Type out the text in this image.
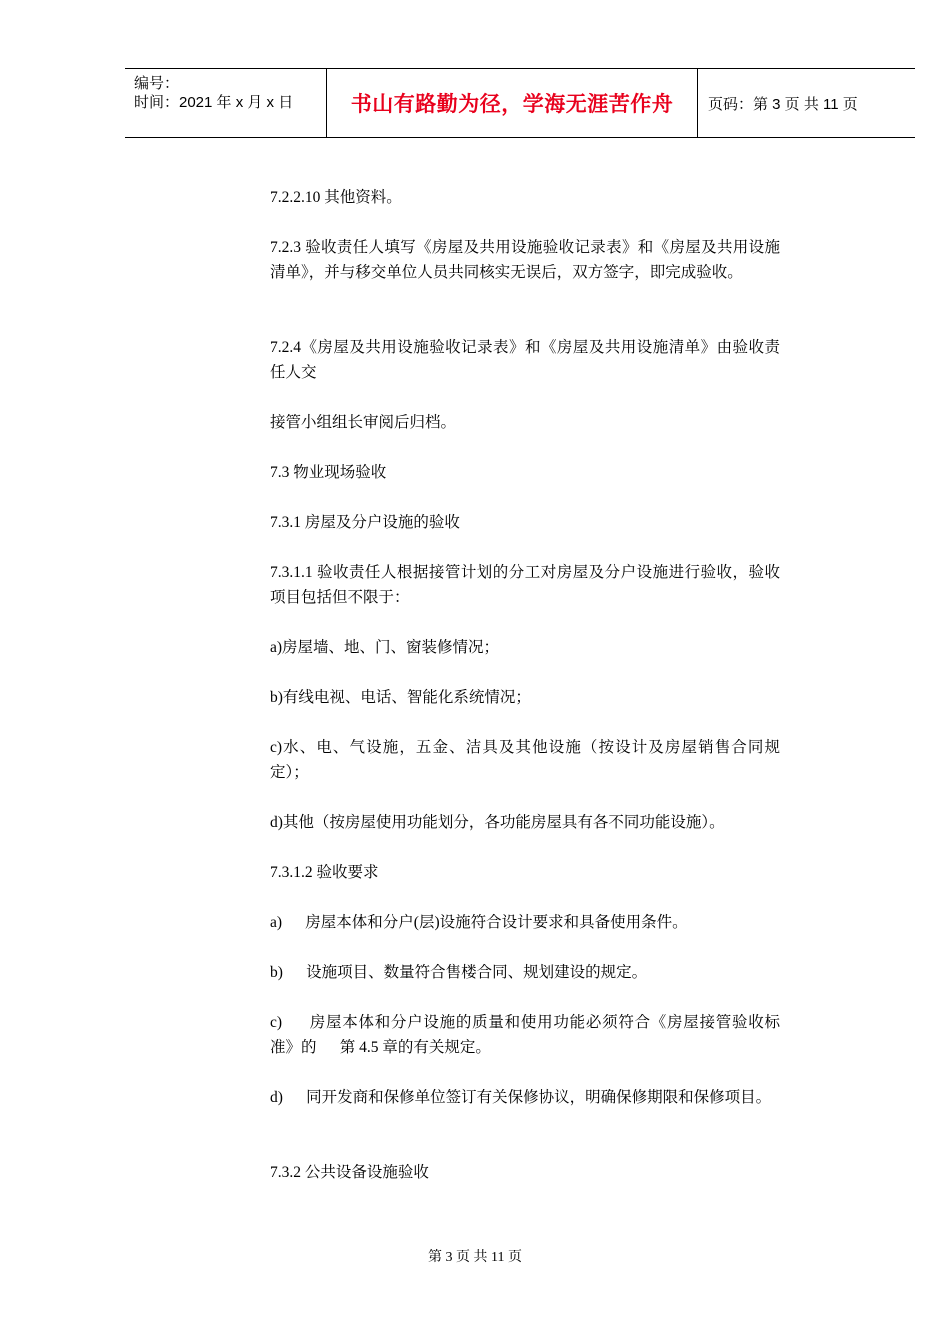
编号：
时间：2021 年 x 月 x 日	书山有路勤为径，学海无涯苦作舟 页码：第 3 页 共 11 页

7.2.2.10 其他资料。

7.2.3 验收责任人填写《房屋及共用设施验收记录表》和《房屋及共用设施清单》，并与移交单位人员共同核实无误后，双方签字，即完成验收。

7.2.4《房屋及共用设施验收记录表》和《房屋及共用设施清单》由验收责任人交

接管小组组长审阅后归档。

7.3 物业现场验收

7.3.1 房屋及分户设施的验收

7.3.1.1 验收责任人根据接管计划的分工对房屋及分户设施进行验收，验收项目包括但不限于：

a)房屋墙、地、门、窗装修情况；

b)有线电视、电话、智能化系统情况；

c)水、电、气设施，五金、洁具及其他设施（按设计及房屋销售合同规 定）；

d)其他（按房屋使用功能划分，各功能房屋具有各不同功能设施）。

7.3.1.2 验收要求

a)      房屋本体和分户(层)设施符合设计要求和具备使用条件。

b)      设施项目、数量符合售楼合同、规划建设的规定。

c)      房屋本体和分户设施的质量和使用功能必须符合《房屋接管验收标              准》的      第 4.5 章的有关规定。

d)      同开发商和保修单位签订有关保修协议，明确保修期限和保修项目。

7.3.2 公共设备设施验收

第 3 页 共 11 页
